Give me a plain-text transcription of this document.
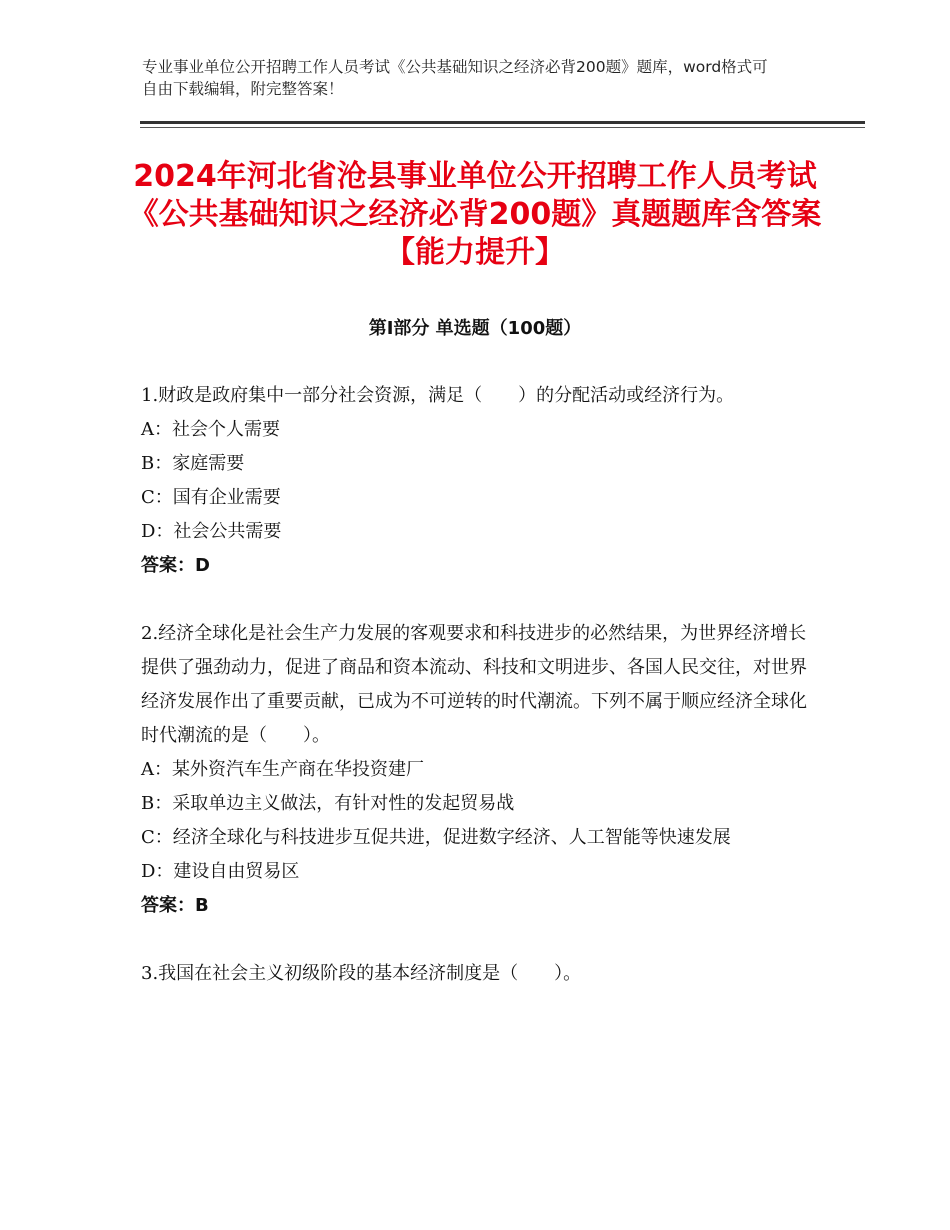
专业事业单位公开招聘工作人员考试《公共基础知识之经济必背200题》题库，word格式可自由下载编辑，附完整答案！
2024年河北省沧县事业单位公开招聘工作人员考试《公共基础知识之经济必背200题》真题题库含答案【能力提升】
第Ⅰ部分 单选题（100题）
1.财政是政府集中一部分社会资源，满足（　　）的分配活动或经济行为。
A：社会个人需要
B：家庭需要
C：国有企业需要
D：社会公共需要
答案：D
2.经济全球化是社会生产力发展的客观要求和科技进步的必然结果，为世界经济增长提供了强劲动力，促进了商品和资本流动、科技和文明进步、各国人民交往，对世界经济发展作出了重要贡献，已成为不可逆转的时代潮流。下列不属于顺应经济全球化时代潮流的是（　　）。
A：某外资汽车生产商在华投资建厂
B：采取单边主义做法，有针对性的发起贸易战
C：经济全球化与科技进步互促共进，促进数字经济、人工智能等快速发展
D：建设自由贸易区
答案：B
3.我国在社会主义初级阶段的基本经济制度是（　　）。
